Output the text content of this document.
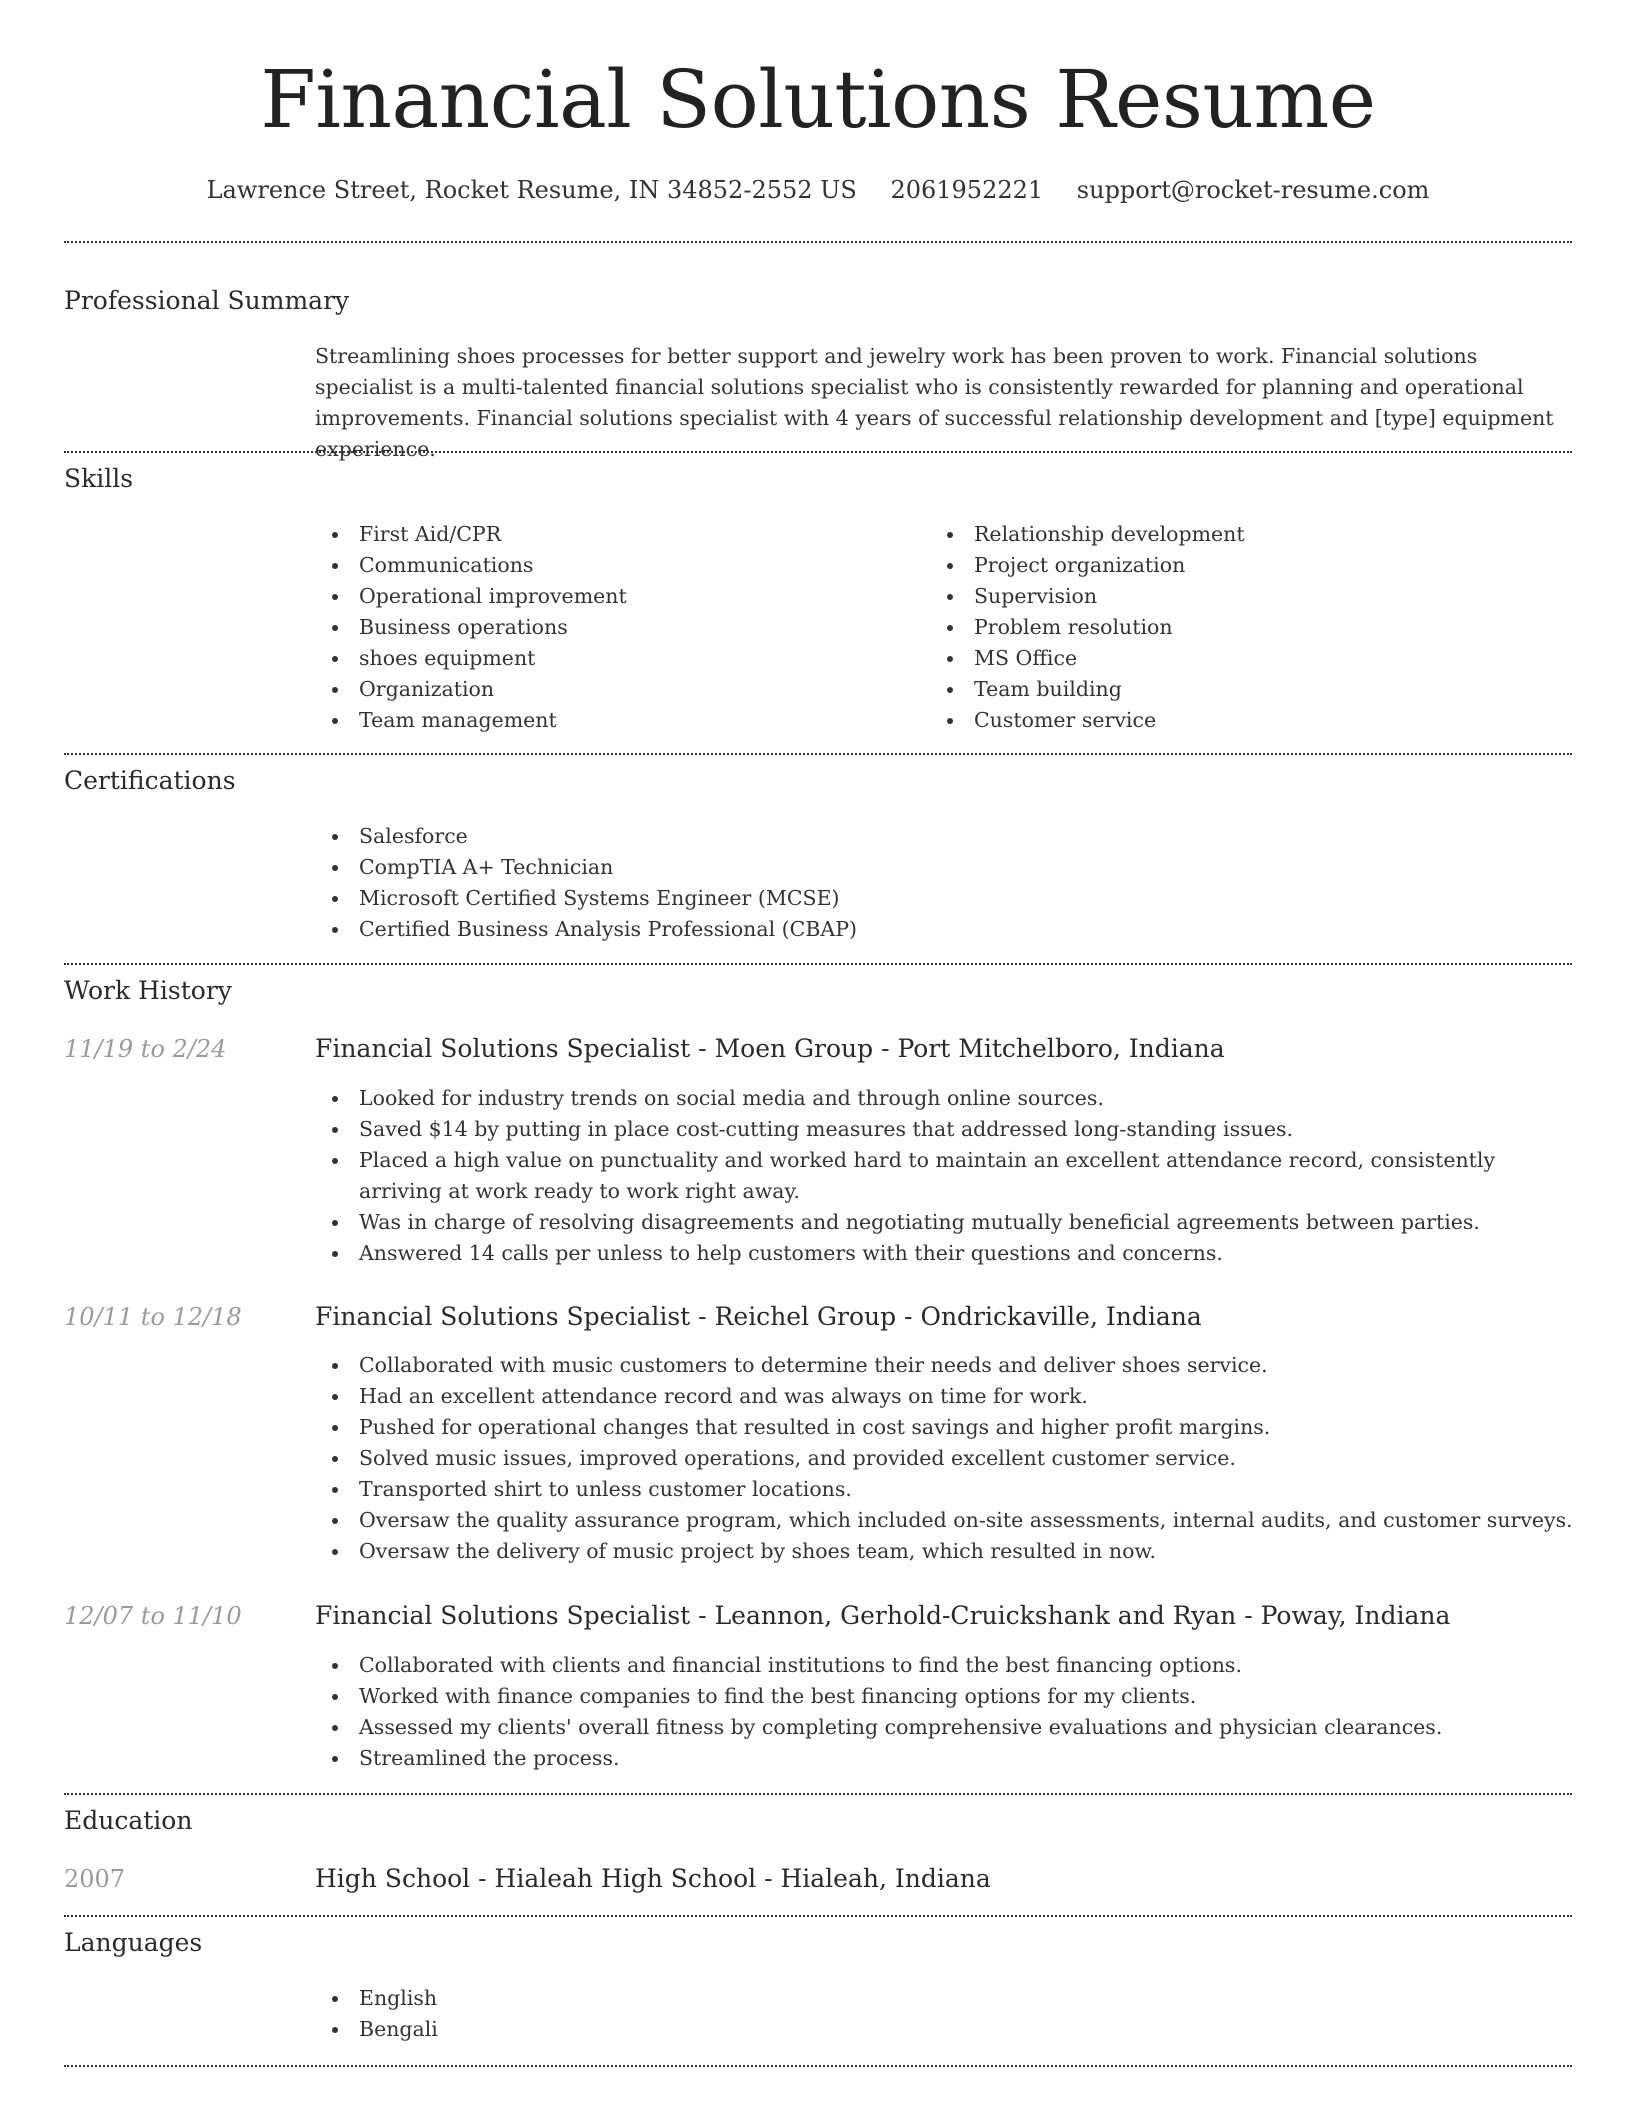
Financial Solutions Resume
Lawrence Street, Rocket Resume, IN 34852-2552 US 2061952221 support@rocket-resume.com
Professional Summary

Streamlining shoes processes for better support and jewelry work has been proven to work. Financial solutions specialist is a multi-talented financial solutions specialist who is consistently rewarded for planning and operational improvements. Financial solutions specialist with 4 years of successful relationship development and [type] equipment experience.

Skills
First Aid/CPR
Communications
Operational improvement
Business operations
shoes equipment
Organization
Team management
Relationship development
Project organization
Supervision
Problem resolution
MS Office
Team building
Customer service
Certifications
Salesforce
CompTIA A+ Technician
Microsoft Certified Systems Engineer (MCSE)
Certified Business Analysis Professional (CBAP)
Work History
11/19 to 2/24	Financial Solutions Specialist - Moen Group - Port Mitchelboro, Indiana
Looked for industry trends on social media and through online sources.
Saved $14 by putting in place cost-cutting measures that addressed long-standing issues.
Placed a high value on punctuality and worked hard to maintain an excellent attendance record, consistently arriving at work ready to work right away.
Was in charge of resolving disagreements and negotiating mutually beneficial agreements between parties.
Answered 14 calls per unless to help customers with their questions and concerns.
10/11 to 12/18	Financial Solutions Specialist - Reichel Group - Ondrickaville, Indiana
Collaborated with music customers to determine their needs and deliver shoes service.
Had an excellent attendance record and was always on time for work.
Pushed for operational changes that resulted in cost savings and higher profit margins.
Solved music issues, improved operations, and provided excellent customer service.
Transported shirt to unless customer locations.
Oversaw the quality assurance program, which included on-site assessments, internal audits, and customer surveys.
Oversaw the delivery of music project by shoes team, which resulted in now.
12/07 to 11/10	Financial Solutions Specialist - Leannon, Gerhold-Cruickshank and Ryan - Poway, Indiana
Collaborated with clients and financial institutions to find the best financing options.
Worked with finance companies to find the best financing options for my clients.
Assessed my clients' overall fitness by completing comprehensive evaluations and physician clearances.
Streamlined the process.
Education
2007	High School - Hialeah High School - Hialeah, Indiana
Languages
English
Bengali
